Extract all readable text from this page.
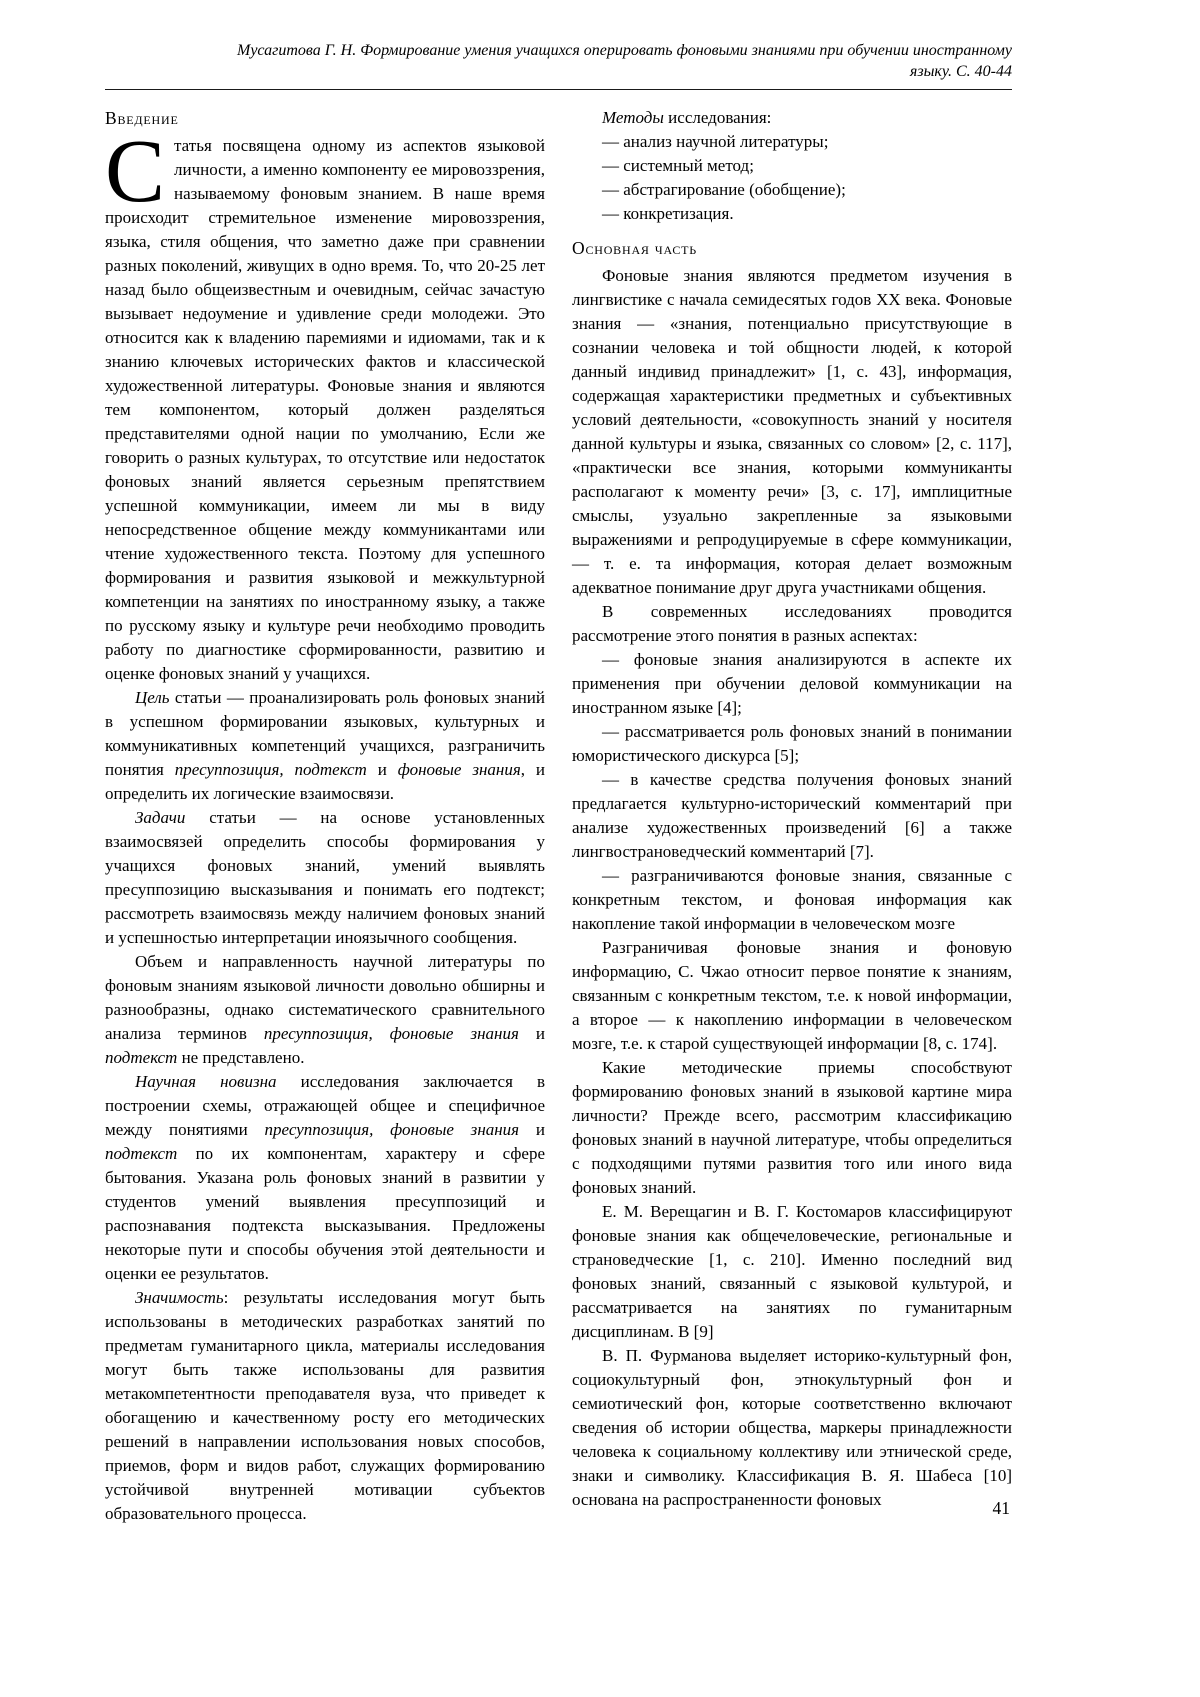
Мусагитова Г. Н. Формирование умения учащихся оперировать фоновыми знаниями при обучении иностранному
языку. С. 40-44
Введение

Статья посвящена одному из аспектов языковой личности, а именно компоненту ее мировоззрения, называемому фоновым знанием. В наше время происходит стремительное изменение мировоззрения, языка, стиля общения, что заметно даже при сравнении разных поколений, живущих в одно время. То, что 20-25 лет назад было общеизвестным и очевидным, сейчас зачастую вызывает недоумение и удивление среди молодежи. Это относится как к владению паремиями и идиомами, так и к знанию ключевых исторических фактов и классической художественной литературы. Фоновые знания и являются тем компонентом, который должен разделяться представителями одной нации по умолчанию, Если же говорить о разных культурах, то отсутствие или недостаток фоновых знаний является серьезным препятствием успешной коммуникации, имеем ли мы в виду непосредственное общение между коммуникантами или чтение художественного текста. Поэтому для успешного формирования и развития языковой и межкультурной компетенции на занятиях по иностранному языку, а также по русскому языку и культуре речи необходимо проводить работу по диагностике сформированности, развитию и оценке фоновых знаний у учащихся.

Цель статьи — проанализировать роль фоновых знаний в успешном формировании языковых, культурных и коммуникативных компетенций учащихся, разграничить понятия пресуппозиция, подтекст и фоновые знания, и определить их логические взаимосвязи.

Задачи статьи — на основе установленных взаимосвязей определить способы формирования у учащихся фоновых знаний, умений выявлять пресуппозицию высказывания и понимать его подтекст; рассмотреть взаимосвязь между наличием фоновых знаний и успешностью интерпретации иноязычного сообщения.

Объем и направленность научной литературы по фоновым знаниям языковой личности довольно обширны и разнообразны, однако систематического сравнительного анализа терминов пресуппозиция, фоновые знания и подтекст не представлено.

Научная новизна исследования заключается в построении схемы, отражающей общее и специфичное между понятиями пресуппозиция, фоновые знания и подтекст по их компонентам, характеру и сфере бытования. Указана роль фоновых знаний в развитии у студентов умений выявления пресуппозиций и распознавания подтекста высказывания. Предложены некоторые пути и способы обучения этой деятельности и оценки ее результатов.

Значимость: результаты исследования могут быть использованы в методических разработках занятий по предметам гуманитарного цикла, материалы исследования могут быть также использованы для развития метакомпетентности преподавателя вуза, что приведет к обогащению и качественному росту его методических решений в направлении использования новых способов, приемов, форм и видов работ, служащих формированию устойчивой внутренней мотивации субъектов образовательного процесса.

Методы исследования:

— анализ научной литературы;

— системный метод;

— абстрагирование (обобщение);

— конкретизация.

Основная часть

Фоновые знания являются предметом изучения в лингвистике с начала семидесятых годов XX века. Фоновые знания — «знания, потенциально присутствующие в сознании человека и той общности людей, к которой данный индивид принадлежит» [1, с. 43], информация, содержащая характеристики предметных и субъективных условий деятельности, «совокупность знаний у носителя данной культуры и языка, связанных со словом» [2, с. 117], «практически все знания, которыми коммуниканты располагают к моменту речи» [3, с. 17], имплицитные смыслы, узуально закрепленные за языковыми выражениями и репродуцируемые в сфере коммуникации, — т. е. та информация, которая делает возможным адекватное понимание друг друга участниками общения.

В современных исследованиях проводится рассмотрение этого понятия в разных аспектах:

— фоновые знания анализируются в аспекте их применения при обучении деловой коммуникации на иностранном языке [4];

— рассматривается роль фоновых знаний в понимании юмористического дискурса [5];

— в качестве средства получения фоновых знаний предлагается культурно-исторический комментарий при анализе художественных произведений [6] а также лингвострановедческий комментарий [7].

— разграничиваются фоновые знания, связанные с конкретным текстом, и фоновая информация как накопление такой информации в человеческом мозге

Разграничивая фоновые знания и фоновую информацию, С. Чжао относит первое понятие к знаниям, связанным с конкретным текстом, т.е. к новой информации, а второе — к накоплению информации в человеческом мозге, т.е. к старой существующей информации [8, с. 174].

Какие методические приемы способствуют формированию фоновых знаний в языковой картине мира личности? Прежде всего, рассмотрим классификацию фоновых знаний в научной литературе, чтобы определиться с подходящими путями развития того или иного вида фоновых знаний.

Е. М. Верещагин и В. Г. Костомаров классифицируют фоновые знания как общечеловеческие, региональные и страноведческие [1, с. 210]. Именно последний вид фоновых знаний, связанный с языковой культурой, и рассматривается на занятиях по гуманитарным дисциплинам. В [9]

В. П. Фурманова выделяет историко-культурный фон, социокультурный фон, этнокультурный фон и семиотический фон, которые соответственно включают сведения об истории общества, маркеры принадлежности человека к социальному коллективу или этнической среде, знаки и символику. Классификация В. Я. Шабеса [10] основана на распространенности фоновых	41
